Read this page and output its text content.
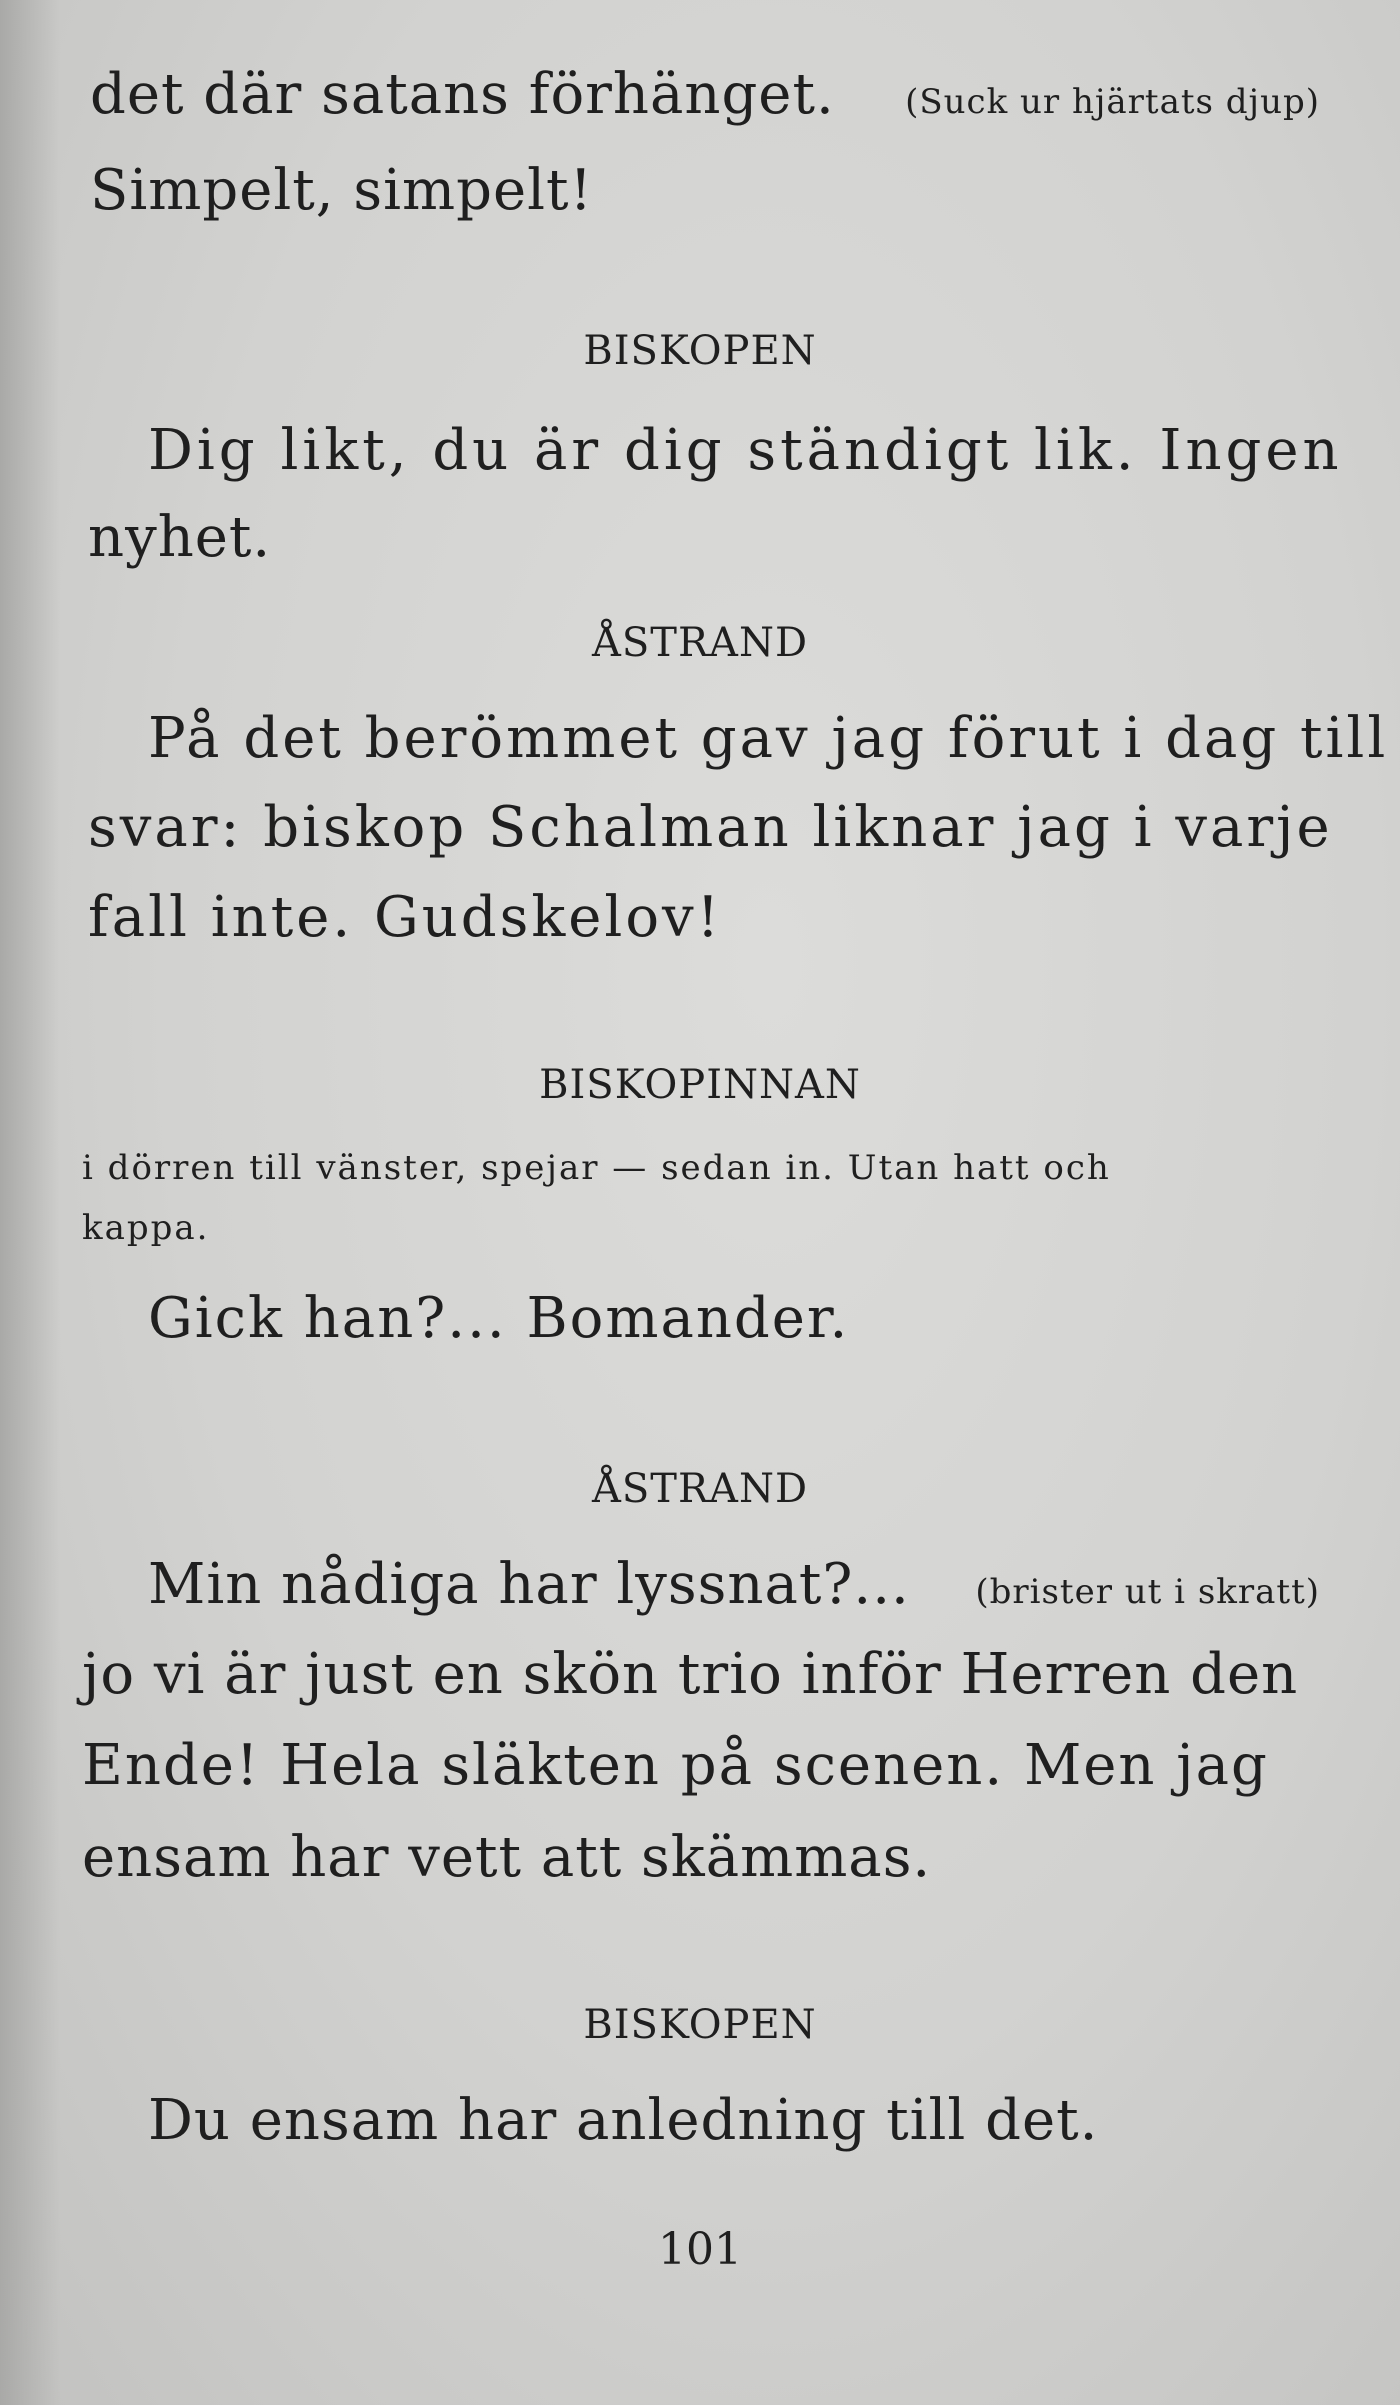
det där satans förhänget. (Suck ur hjärtats djup)
Simpelt, simpelt!
BISKOPEN
Dig likt, du är dig ständigt lik. Ingen
nyhet.
ÅSTRAND
På det berömmet gav jag förut i dag till
svar: biskop Schalman liknar jag i varje
fall inte. Gudskelov!
BISKOPINNAN
i dörren till vänster, spejar — sedan in. Utan hatt och
kappa.
Gick han?... Bomander.
ÅSTRAND
Min nådiga har lyssnat?... (brister ut i skratt)
jo vi är just en skön trio inför Herren den
Ende! Hela släkten på scenen. Men jag
ensam har vett att skämmas.
BISKOPEN
Du ensam har anledning till det.
101
